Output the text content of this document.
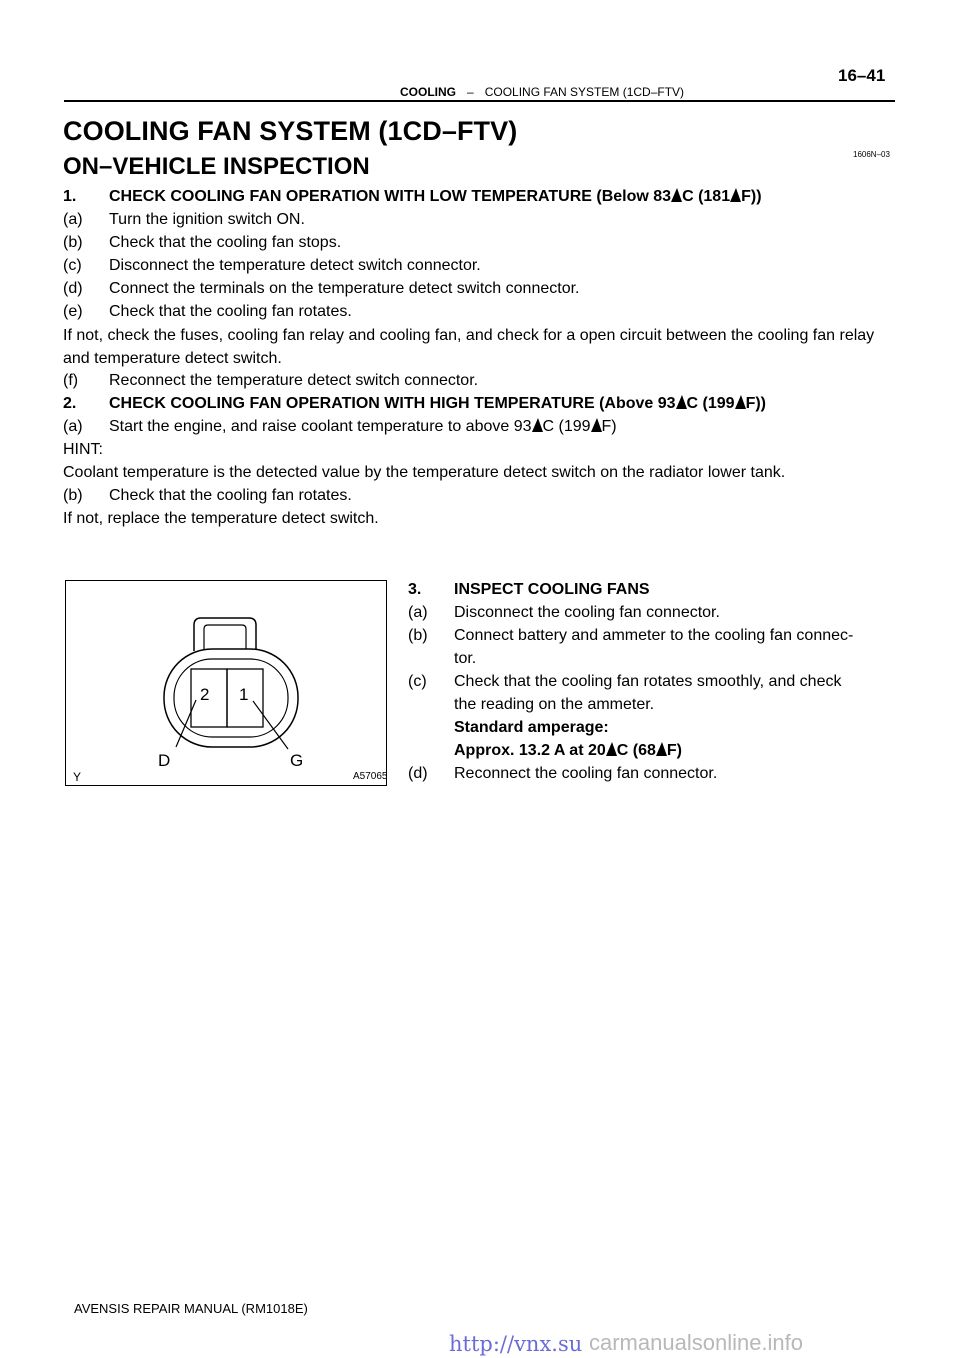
16–41
COOLING – COOLING FAN SYSTEM (1CD–FTV)
COOLING FAN SYSTEM (1CD–FTV)
ON–VEHICLE INSPECTION	1606N–03
1. CHECK COOLING FAN OPERATION WITH LOW TEMPERATURE (Below 83 C (181 F))
(a) Turn the ignition switch ON.
(b) Check that the cooling fan stops.
(c) Disconnect the temperature detect switch connector.
(d) Connect the terminals on the temperature detect switch connector.
(e) Check that the cooling fan rotates.
If not, check the fuses, cooling fan relay and cooling fan, and check for a open circuit between the cooling fan relay and temperature detect switch.
(f) Reconnect the temperature detect switch connector.
2. CHECK COOLING FAN OPERATION WITH HIGH TEMPERATURE (Above 93 C (199 F))
(a) Start the engine, and raise coolant temperature to above 93 C (199 F)
HINT:
Coolant temperature is the detected value by the temperature detect switch on the radiator lower tank.
(b) Check that the cooling fan rotates.
If not, replace the temperature detect switch.
2 1
D	G
Y	A57065
3. INSPECT COOLING FANS
(a) Disconnect the cooling fan connector.
(b) Connect battery and ammeter to the cooling fan connec-
tor.
(c) Check that the cooling fan rotates smoothly, and check
the reading on the ammeter.
Standard amperage:
Approx. 13.2 A at 20 C (68 F)
(d) Reconnect the cooling fan connector.
AVENSIS REPAIR MANUAL (RM1018E)
http://vnx.su carmanualsonline.info
